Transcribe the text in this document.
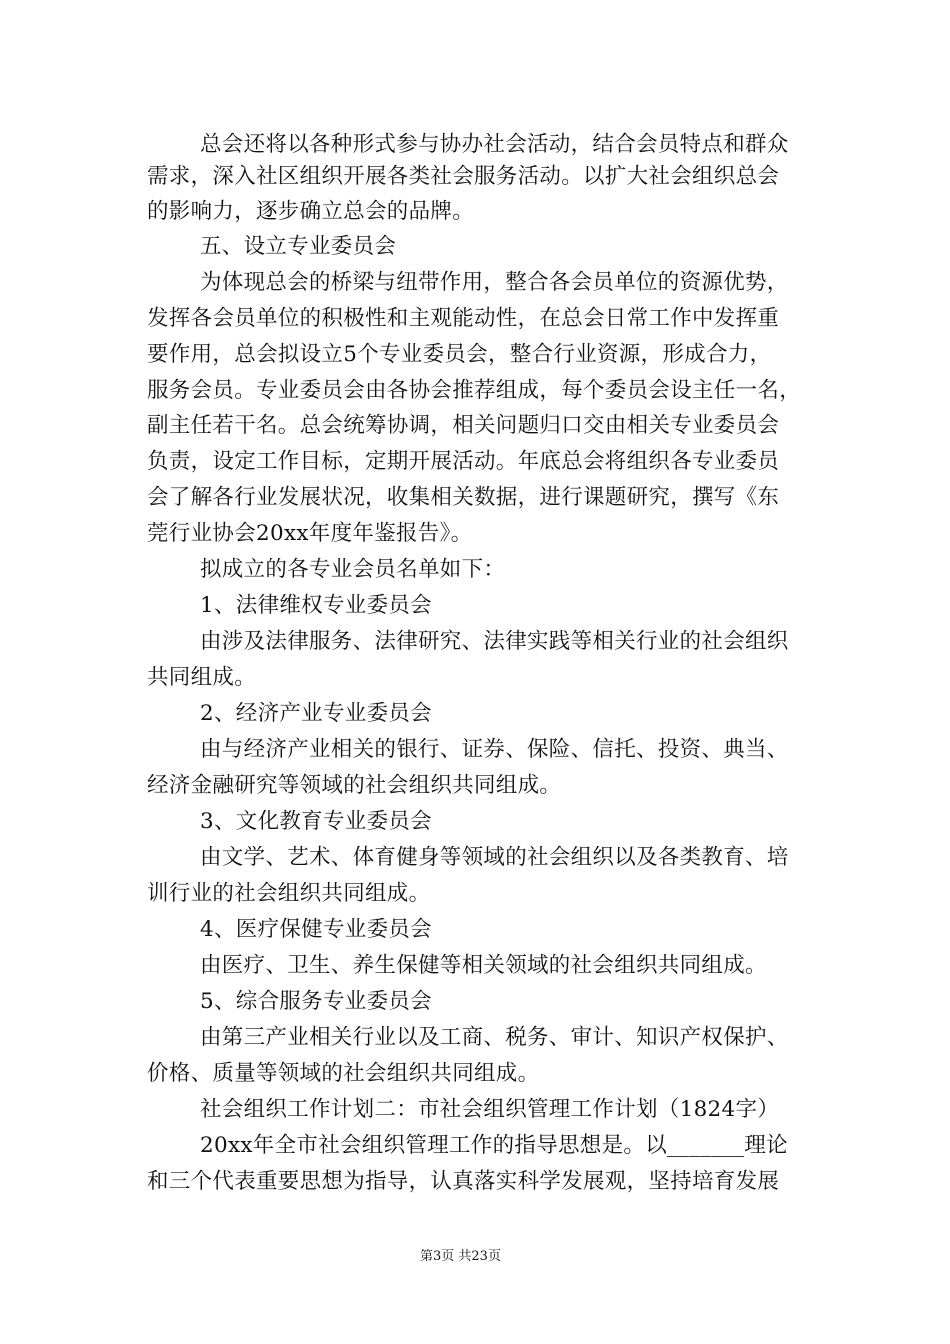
总会还将以各种形式参与协办社会活动，结合会员特点和群众
需求，深入社区组织开展各类社会服务活动。以扩大社会组织总会
的影响力，逐步确立总会的品牌。
五、设立专业委员会
为体现总会的桥梁与纽带作用，整合各会员单位的资源优势，
发挥各会员单位的积极性和主观能动性，在总会日常工作中发挥重
要作用，总会拟设立5个专业委员会，整合行业资源，形成合力，
服务会员。专业委员会由各协会推荐组成，每个委员会设主任一名，
副主任若干名。总会统筹协调，相关问题归口交由相关专业委员会
负责，设定工作目标，定期开展活动。年底总会将组织各专业委员
会了解各行业发展状况，收集相关数据，进行课题研究，撰写《东
莞行业协会20xx年度年鉴报告》。
拟成立的各专业会员名单如下：
1、法律维权专业委员会
由涉及法律服务、法律研究、法律实践等相关行业的社会组织
共同组成。
2、经济产业专业委员会
由与经济产业相关的银行、证券、保险、信托、投资、典当、
经济金融研究等领域的社会组织共同组成。
3、文化教育专业委员会
由文学、艺术、体育健身等领域的社会组织以及各类教育、培
训行业的社会组织共同组成。
4、医疗保健专业委员会
由医疗、卫生、养生保健等相关领域的社会组织共同组成。
5、综合服务专业委员会
由第三产业相关行业以及工商、税务、审计、知识产权保护、
价格、质量等领域的社会组织共同组成。
社会组织工作计划二：市社会组织管理工作计划（1824字）
20xx年全市社会组织管理工作的指导思想是。以_______理论
和三个代表重要思想为指导，认真落实科学发展观，坚持培育发展
第3页 共23页
